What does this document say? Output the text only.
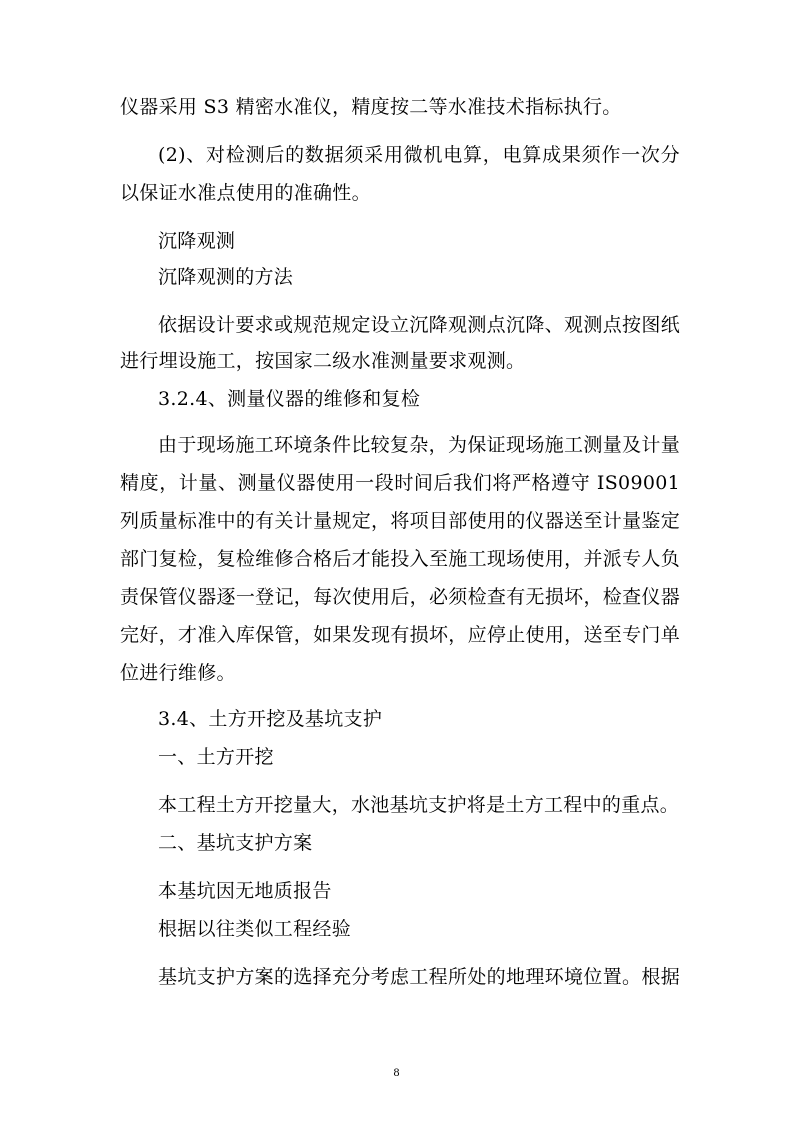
仪器采用 S3 精密水准仪，精度按二等水准技术指标执行。
(2)、对检测后的数据须采用微机电算，电算成果须作一次分
以保证水准点使用的准确性。
沉降观测
沉降观测的方法
依据设计要求或规范规定设立沉降观测点沉降、观测点按图纸
进行埋设施工，按国家二级水准测量要求观测。
3.2.4、测量仪器的维修和复检
由于现场施工环境条件比较复杂，为保证现场施工测量及计量
精度，计量、测量仪器使用一段时间后我们将严格遵守 IS09001
列质量标准中的有关计量规定，将项目部使用的仪器送至计量鉴定
部门复检，复检维修合格后才能投入至施工现场使用，并派专人负
责保管仪器逐一登记，每次使用后，必须检查有无损坏，检查仪器
完好，才准入库保管，如果发现有损坏，应停止使用，送至专门单
位进行维修。
3.4、土方开挖及基坑支护
一、土方开挖
本工程土方开挖量大，水池基坑支护将是土方工程中的重点。
二、基坑支护方案
本基坑因无地质报告
根据以往类似工程经验
基坑支护方案的选择充分考虑工程所处的地理环境位置。根据
8
